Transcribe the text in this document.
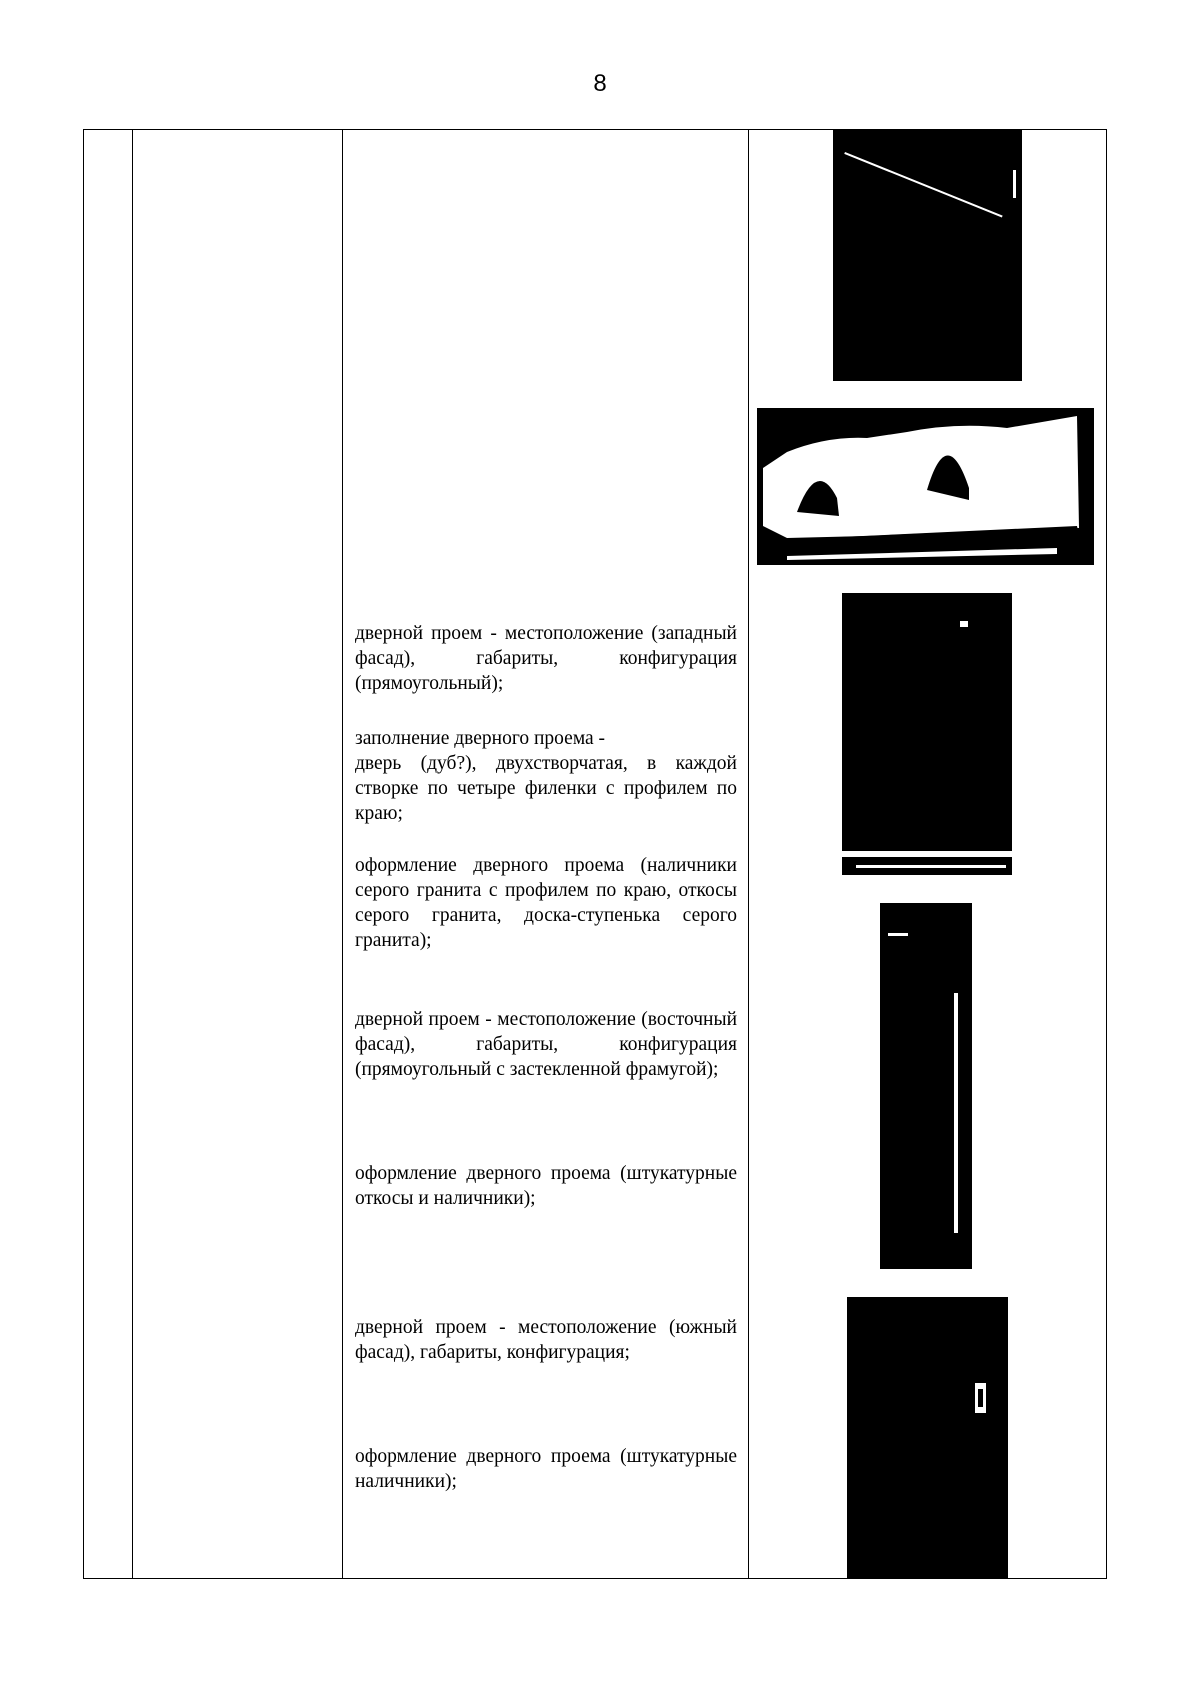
8

дверной проем - местоположение (западный фасад), габариты, конфигурация (прямоугольный);

заполнение дверного проема -

дверь (дуб?), двухстворчатая, в каждой створке по четыре филенки с профилем по краю;

оформление дверного проема (наличники серого гранита с профилем по краю, откосы серого гранита, доска-ступенька серого гранита);

дверной проем - местоположение (восточный фасад), габариты, конфигурация (прямоугольный с застекленной фрамугой);

оформление дверного проема (штукатурные откосы и наличники);

дверной проем - местоположение (южный фасад), габариты, конфигурация;

оформление дверного проема (штукатурные наличники);
